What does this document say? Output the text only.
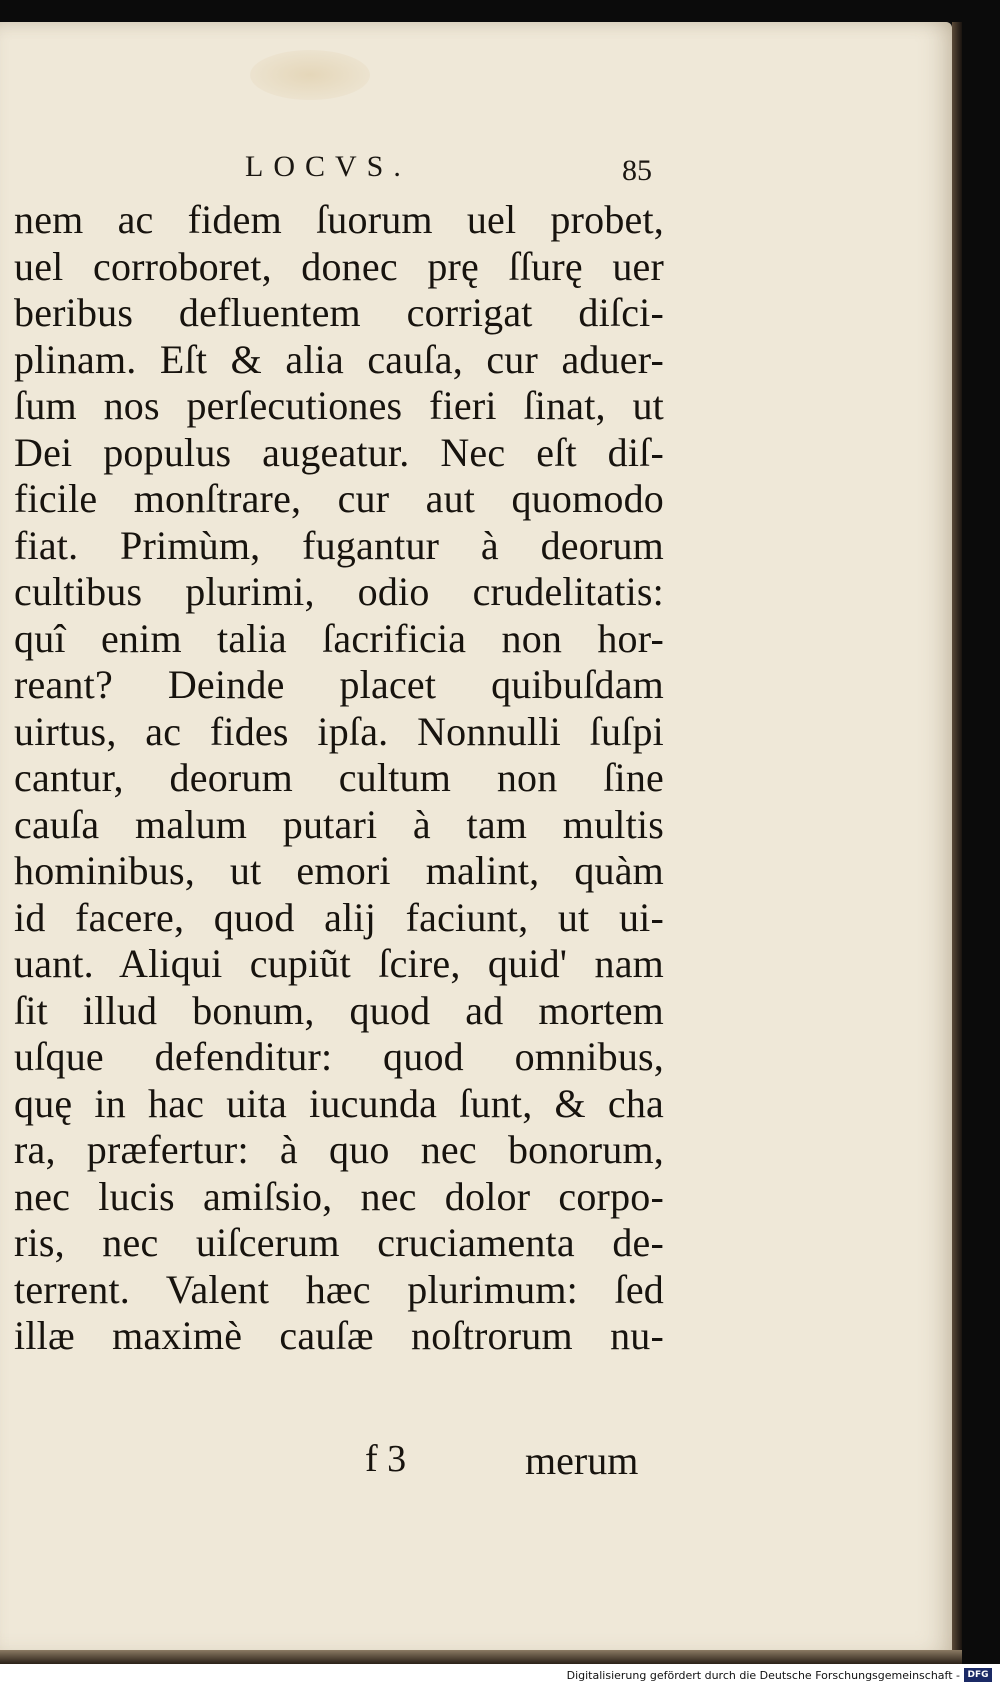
LOCVS.	85
nem ac fidem ſuorum uel probet,
uel corroboret, donec prę ſſurę uer
beribus defluentem corrigat diſci-
plinam. Eſt & alia cauſa, cur aduer-
ſum nos perſecutiones fieri ſinat, ut
Dei populus augeatur. Nec eſt diſ-
ficile monſtrare, cur aut quomodo
fiat. Primùm, fugantur à deorum
cultibus plurimi, odio crudelitatis:
quî enim talia ſacrificia non hor-
reant? Deinde placet quibuſdam
uirtus, ac fides ipſa. Nonnulli ſuſpi
cantur, deorum cultum non ſine
cauſa malum putari à tam multis
hominibus, ut emori malint, quàm
id facere, quod alij faciunt, ut ui-
uant. Aliqui cupiũt ſcire, quid' nam
ſit illud bonum, quod ad mortem
uſque defenditur: quod omnibus,
quę in hac uita iucunda ſunt, & cha
ra, præfertur: à quo nec bonorum,
nec lucis amiſsio, nec dolor corpo-
ris, nec uiſcerum cruciamenta de-
terrent. Valent hæc plurimum: ſed
illæ maximè cauſæ noſtrorum nu-
f 3	merum
Digitalisierung gefördert durch die Deutsche Forschungsgemeinschaft - DFG
